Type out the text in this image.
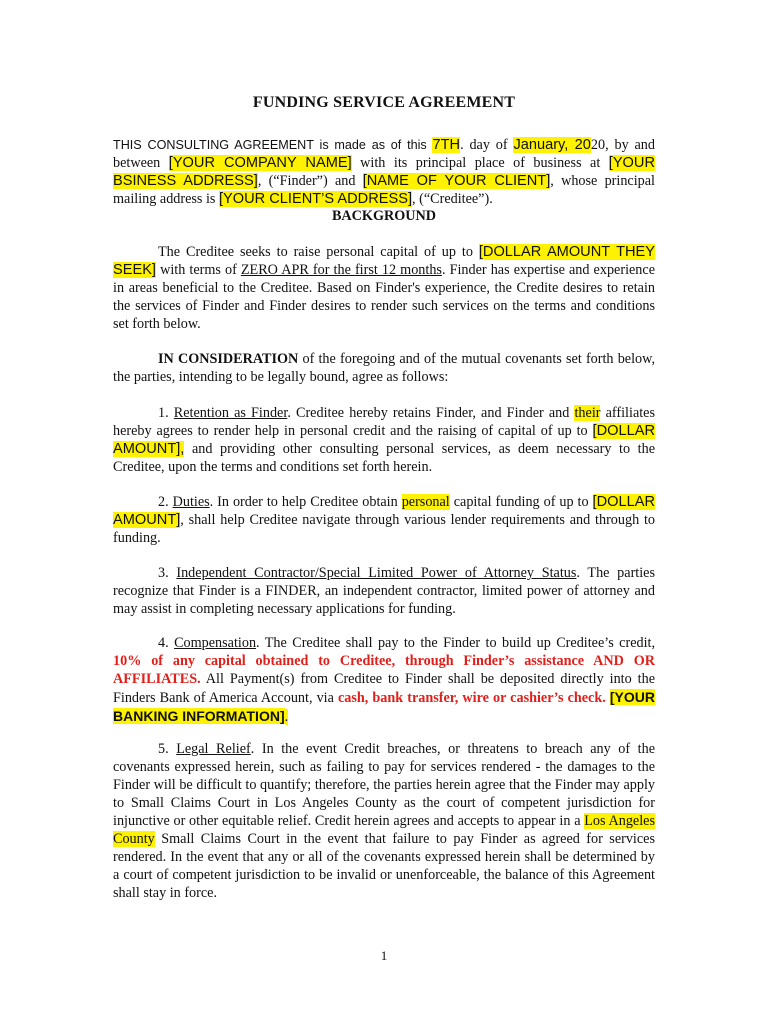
FUNDING SERVICE AGREEMENT

THIS CONSULTING AGREEMENT is made as of this 7TH. day of January, 2020, by and between [YOUR COMPANY NAME] with its principal place of business at [YOUR BSINESS ADDRESS], (“Finder”) and [NAME OF YOUR CLIENT], whose principal mailing address is [YOUR CLIENT’S ADDRESS], (“Creditee”).

BACKGROUND

The Creditee seeks to raise personal capital of up to [DOLLAR AMOUNT THEY SEEK] with terms of ZERO APR for the first 12 months. Finder has expertise and experience in areas beneficial to the Creditee. Based on Finder's experience, the Credite desires to retain the services of Finder and Finder desires to render such services on the terms and conditions set forth below.

IN CONSIDERATION of the foregoing and of the mutual covenants set forth below, the parties, intending to be legally bound, agree as follows:

1. Retention as Finder. Creditee hereby retains Finder, and Finder and their affiliates hereby agrees to render help in personal credit and the raising of capital of up to [DOLLAR AMOUNT], and providing other consulting personal services, as deem necessary to the Creditee, upon the terms and conditions set forth herein.

2. Duties. In order to help Creditee obtain personal capital funding of up to [DOLLAR AMOUNT], shall help Creditee navigate through various lender requirements and through to funding.

3. Independent Contractor/Special Limited Power of Attorney Status. The parties recognize that Finder is a FINDER, an independent contractor, limited power of attorney and may assist in completing necessary applications for funding.

4. Compensation. The Creditee shall pay to the Finder to build up Creditee’s credit, 10% of any capital obtained to Creditee, through Finder’s assistance AND OR AFFILIATES. All Payment(s) from Creditee to Finder shall be deposited directly into the Finders Bank of America Account, via cash, bank transfer, wire or cashier’s check. [YOUR BANKING INFORMATION].

5. Legal Relief. In the event Credit breaches, or threatens to breach any of the covenants expressed herein, such as failing to pay for services rendered - the damages to the Finder will be difficult to quantify; therefore, the parties herein agree that the Finder may apply to Small Claims Court in Los Angeles County as the court of competent jurisdiction for injunctive or other equitable relief. Credit herein agrees and accepts to appear in a Los Angeles County Small Claims Court in the event that failure to pay Finder as agreed for services rendered. In the event that any or all of the covenants expressed herein shall be determined by a court of competent jurisdiction to be invalid or unenforceable, the balance of this Agreement shall stay in force.

1
